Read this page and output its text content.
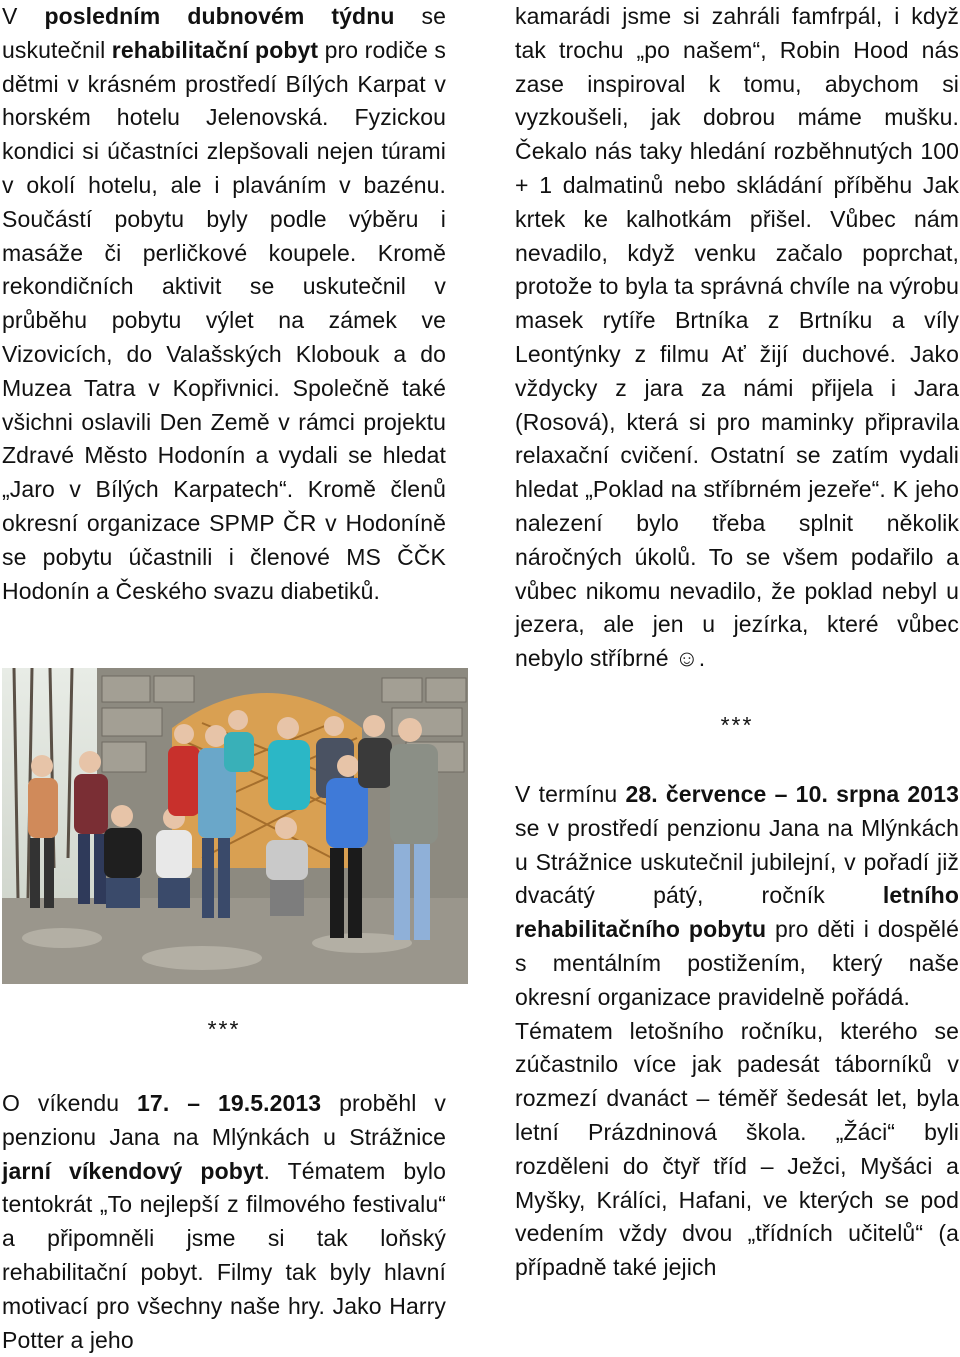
V posledním dubnovém týdnu se uskutečnil rehabilitační pobyt pro rodiče s dětmi v krásném prostředí Bílých Karpat v horském hotelu Jelenovská. Fyzickou kondici si účastníci zlepšovali nejen túrami v okolí hotelu, ale i plaváním v bazénu. Součástí pobytu byly podle výběru i masáže či perličkové koupele. Kromě rekondičních aktivit se uskutečnil v průběhu pobytu výlet na zámek ve Vizovicích, do Valašských Klobouk a do Muzea Tatra v Kopřivnici. Společně také všichni oslavili Den Země v rámci projektu Zdravé Město Hodonín a vydali se hledat „Jaro v Bílých Karpatech“. Kromě členů okresní organizace SPMP ČR v Hodoníně se pobytu účastnili i členové MS ČČK Hodonín a Českého svazu diabetiků.

***

O víkendu 17. – 19.5.2013 proběhl v penzionu Jana na Mlýnkách u Strážnice jarní víkendový pobyt. Tématem bylo tentokrát „To nejlepší z filmového festivalu“ a připomněli jsme si tak loňský rehabilitační pobyt. Filmy tak byly hlavní motivací pro všechny naše hry. Jako Harry Potter a jeho

kamarádi jsme si zahráli famfrpál, i když tak trochu „po našem“, Robin Hood nás zase inspiroval k tomu, abychom si vyzkoušeli, jak dobrou máme mušku. Čekalo nás taky hledání rozběhnutých 100 + 1 dalmatinů nebo skládání příběhu Jak krtek ke kalhotkám přišel. Vůbec nám nevadilo, když venku začalo poprchat, protože to byla ta správná chvíle na výrobu masek rytíře Brtníka z Brtníku a víly Leontýnky z filmu Ať žijí duchové. Jako vždycky z jara za námi přijela i Jara (Rosová), která si pro maminky připravila relaxační cvičení. Ostatní se zatím vydali hledat „Poklad na stříbrném jezeře“. K jeho nalezení bylo třeba splnit několik náročných úkolů. To se všem podařilo a vůbec nikomu nevadilo, že poklad nebyl u jezera, ale jen u jezírka, které vůbec nebylo stříbrné ☺.

***

V termínu 28. července – 10. srpna 2013 se v prostředí penzionu Jana na Mlýnkách u Strážnice uskutečnil jubilejní, v pořadí již dvacátý pátý, ročník letního rehabilitačního pobytu pro děti i dospělé s mentálním postižením, který naše okresní organizace pravidelně pořádá.

Tématem letošního ročníku, kterého se zúčastnilo více jak padesát táborníků v rozmezí dvanáct – téměř šedesát let, byla letní Prázdninová škola. „Žáci“ byli rozděleni do čtyř tříd – Ježci, Myšáci a Myšky, Králíci, Hafani, ve kterých se pod vedením vždy dvou „třídních učitelů“ (a případně také jejich
